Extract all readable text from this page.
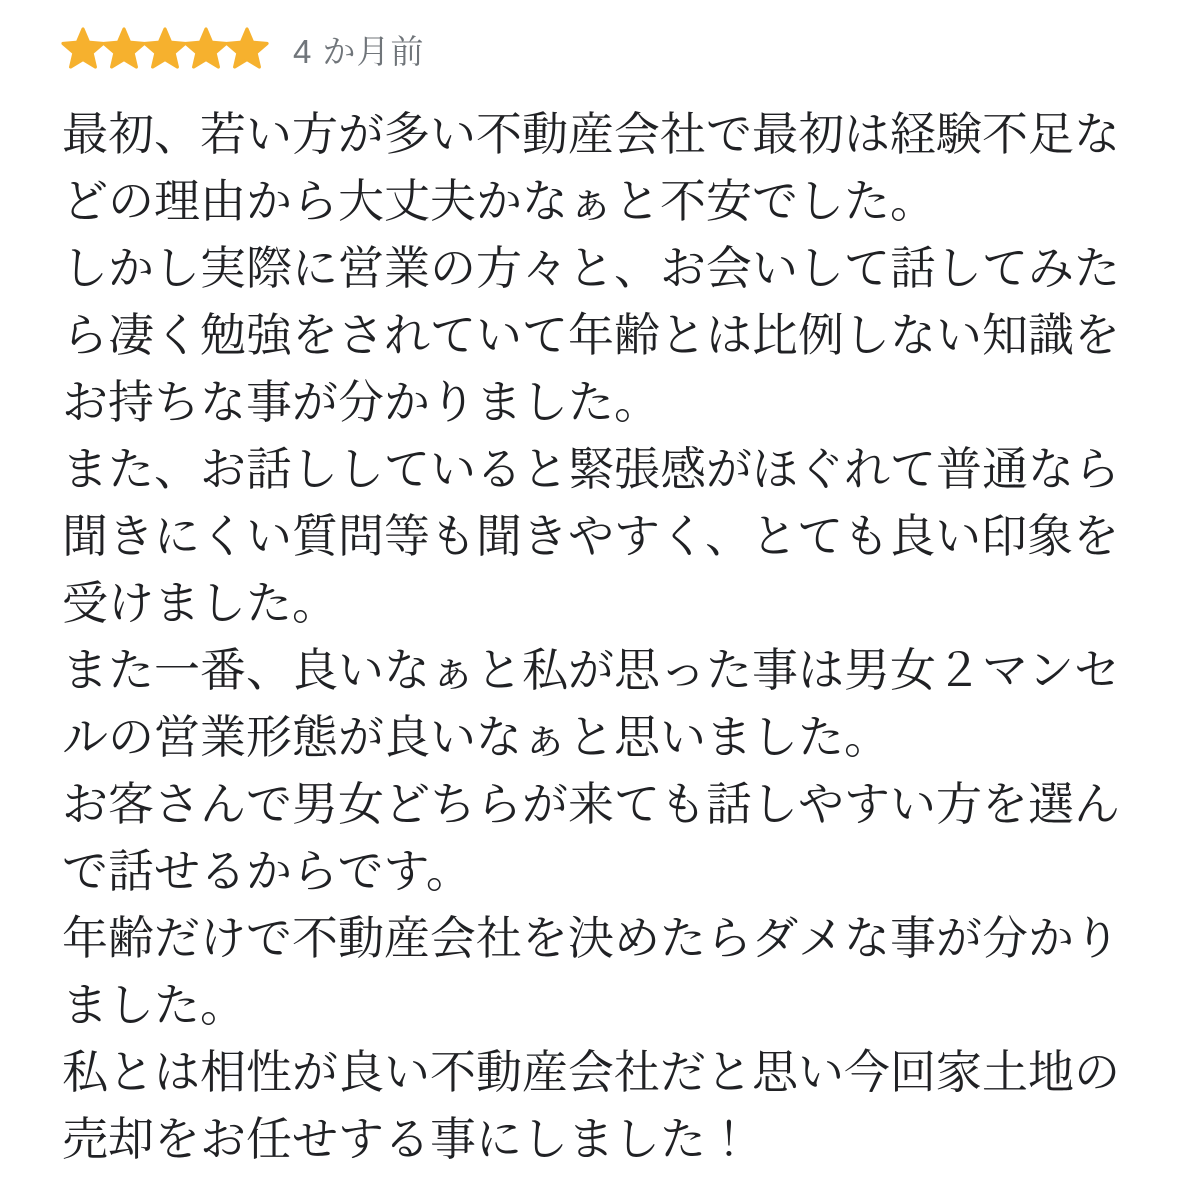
4 か月前
最初、若い方が多い不動産会社で最初は経験不足な
どの理由から大丈夫かなぁと不安でした。
しかし実際に営業の方々と、お会いして話してみた
ら凄く勉強をされていて年齢とは比例しない知識を
お持ちな事が分かりました。
また、お話ししていると緊張感がほぐれて普通なら
聞きにくい質問等も聞きやすく、とても良い印象を
受けました。
また一番、良いなぁと私が思った事は男女２マンセ
ルの営業形態が良いなぁと思いました。
お客さんで男女どちらが来ても話しやすい方を選ん
で話せるからです。
年齢だけで不動産会社を決めたらダメな事が分かり
ました。
私とは相性が良い不動産会社だと思い今回家土地の
売却をお任せする事にしました！
